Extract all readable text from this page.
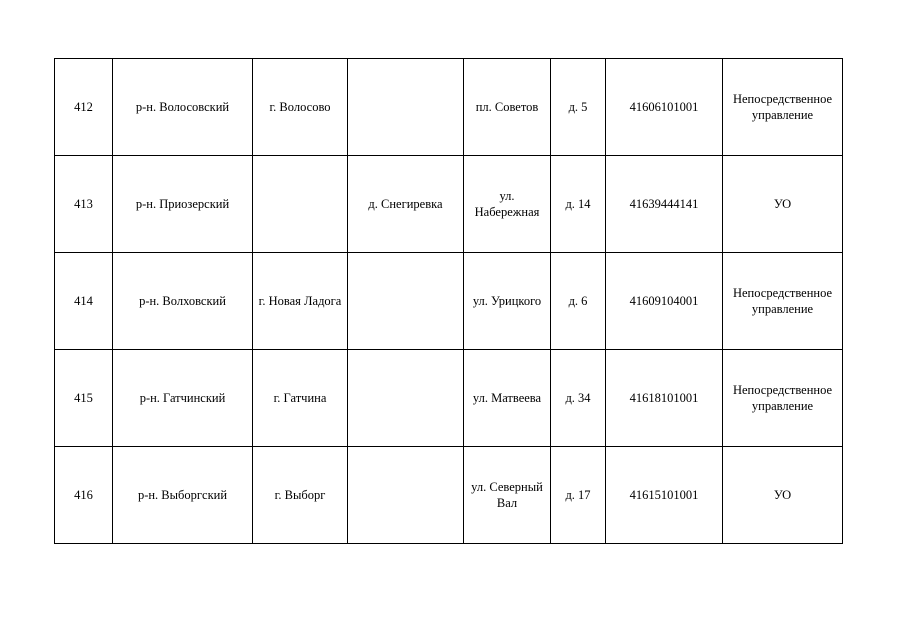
412	р-н. Волосовский	г. Волосово		пл. Советов	д. 5	41606101001	Непосредственное управление
413	р-н. Приозерский		д. Снегиревка	ул. Набережная	д. 14	41639444141	УО
414	р-н. Волховский	г. Новая Ладога		ул. Урицкого	д. 6	41609104001	Непосредственное управление
415	р-н. Гатчинский	г. Гатчина		ул. Матвеева	д. 34	41618101001	Непосредственное управление
416	р-н. Выборгский	г. Выборг		ул. Северный Вал	д. 17	41615101001	УО
